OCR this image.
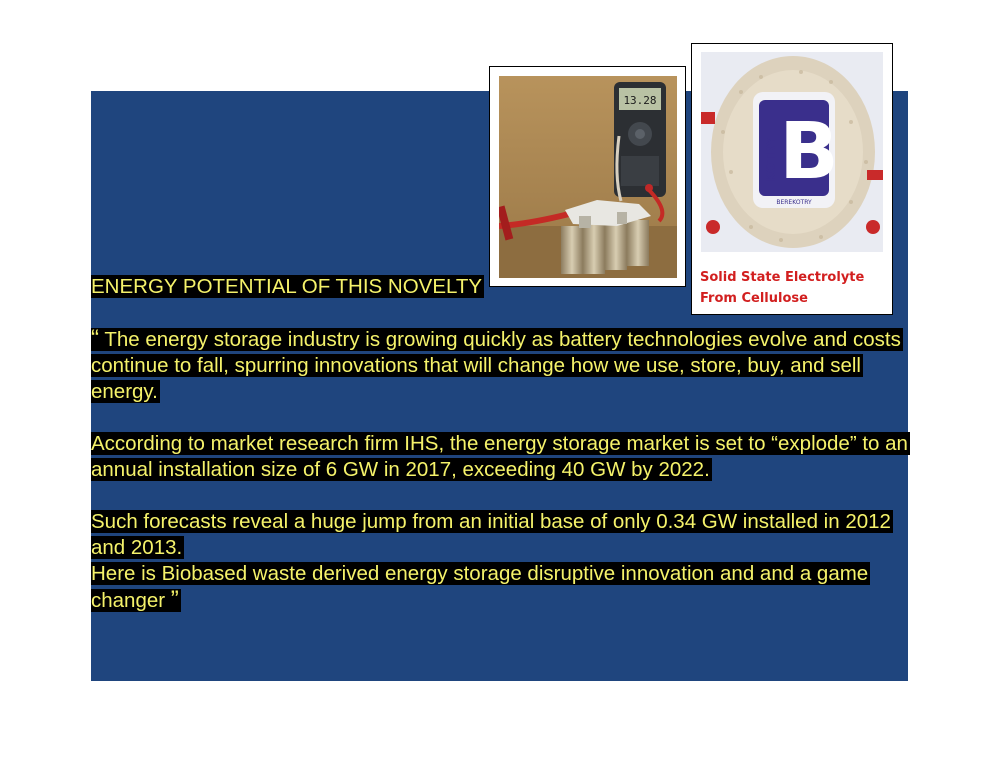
ENERGY POTENTIAL OF THIS NOVELTY

“ The energy storage industry is growing quickly as battery technologies evolve and costs continue to fall, spurring innovations that will change how we use, store, buy, and sell energy.

According to market research firm IHS, the energy storage market is set to “explode” to an annual installation size of 6 GW in 2017, exceeding 40 GW by 2022.

Such forecasts reveal a huge jump from an initial base of only 0.34 GW installed in 2012 and 2013.

Here is Biobased waste derived energy storage disruptive innovation and and a game changer ”

13.28
B
KOTRY
BEREKOTRY
Solid State Electrolyte
From Cellulose
